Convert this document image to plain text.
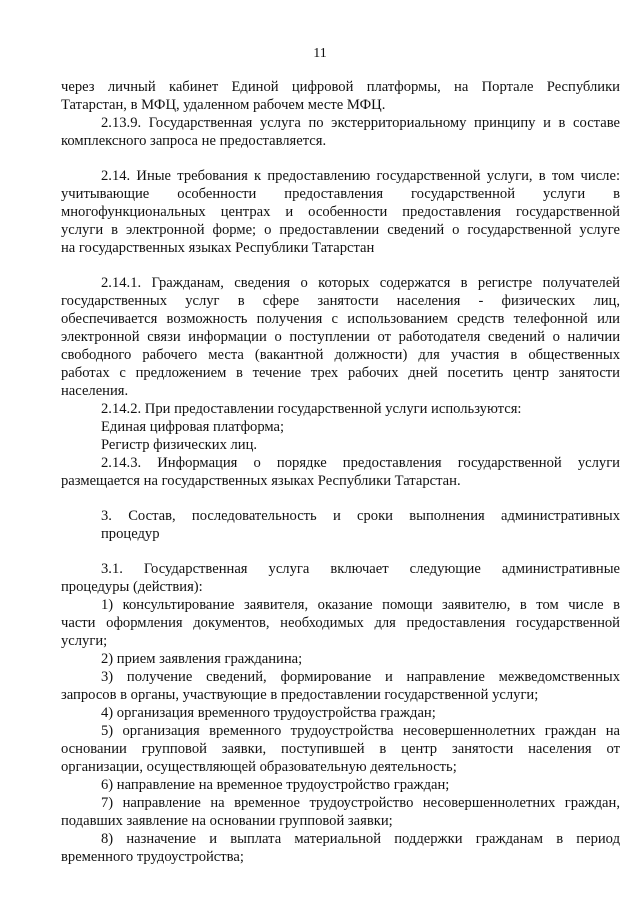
11
через личный кабинет Единой цифровой платформы, на Портале Республики
Татарстан, в МФЦ, удаленном рабочем месте МФЦ.
2.13.9. Государственная услуга по экстерриториальному принципу и в составе
комплексного запроса не предоставляется.
2.14. Иные требования к предоставлению государственной услуги, в том числе:
учитывающие особенности предоставления государственной услуги в
многофункциональных центрах и особенности предоставления государственной
услуги в электронной форме; о предоставлении сведений о государственной услуге
на государственных языках Республики Татарстан
2.14.1. Гражданам, сведения о которых содержатся в регистре получателей
государственных услуг в сфере занятости населения - физических лиц,
обеспечивается возможность получения с использованием средств телефонной или
электронной связи информации о поступлении от работодателя сведений о наличии
свободного рабочего места (вакантной должности) для участия в общественных
работах с предложением в течение трех рабочих дней посетить центр занятости
населения.
2.14.2. При предоставлении государственной услуги используются:
Единая цифровая платформа;
Регистр физических лиц.
2.14.3. Информация о порядке предоставления государственной услуги
размещается на государственных языках Республики Татарстан.
3. Состав, последовательность и сроки выполнения административных
процедур
3.1. Государственная услуга включает следующие административные
процедуры (действия):
1) консультирование заявителя, оказание помощи заявителю, в том числе в
части оформления документов, необходимых для предоставления государственной
услуги;
2) прием заявления гражданина;
3) получение сведений, формирование и направление межведомственных
запросов в органы, участвующие в предоставлении государственной услуги;
4) организация временного трудоустройства граждан;
5) организация временного трудоустройства несовершеннолетних граждан на
основании групповой заявки, поступившей в центр занятости населения от
организации, осуществляющей образовательную деятельность;
6) направление на временное трудоустройство граждан;
7) направление на временное трудоустройство несовершеннолетних граждан,
подавших заявление на основании групповой заявки;
8) назначение и выплата материальной поддержки гражданам в период
временного трудоустройства;
